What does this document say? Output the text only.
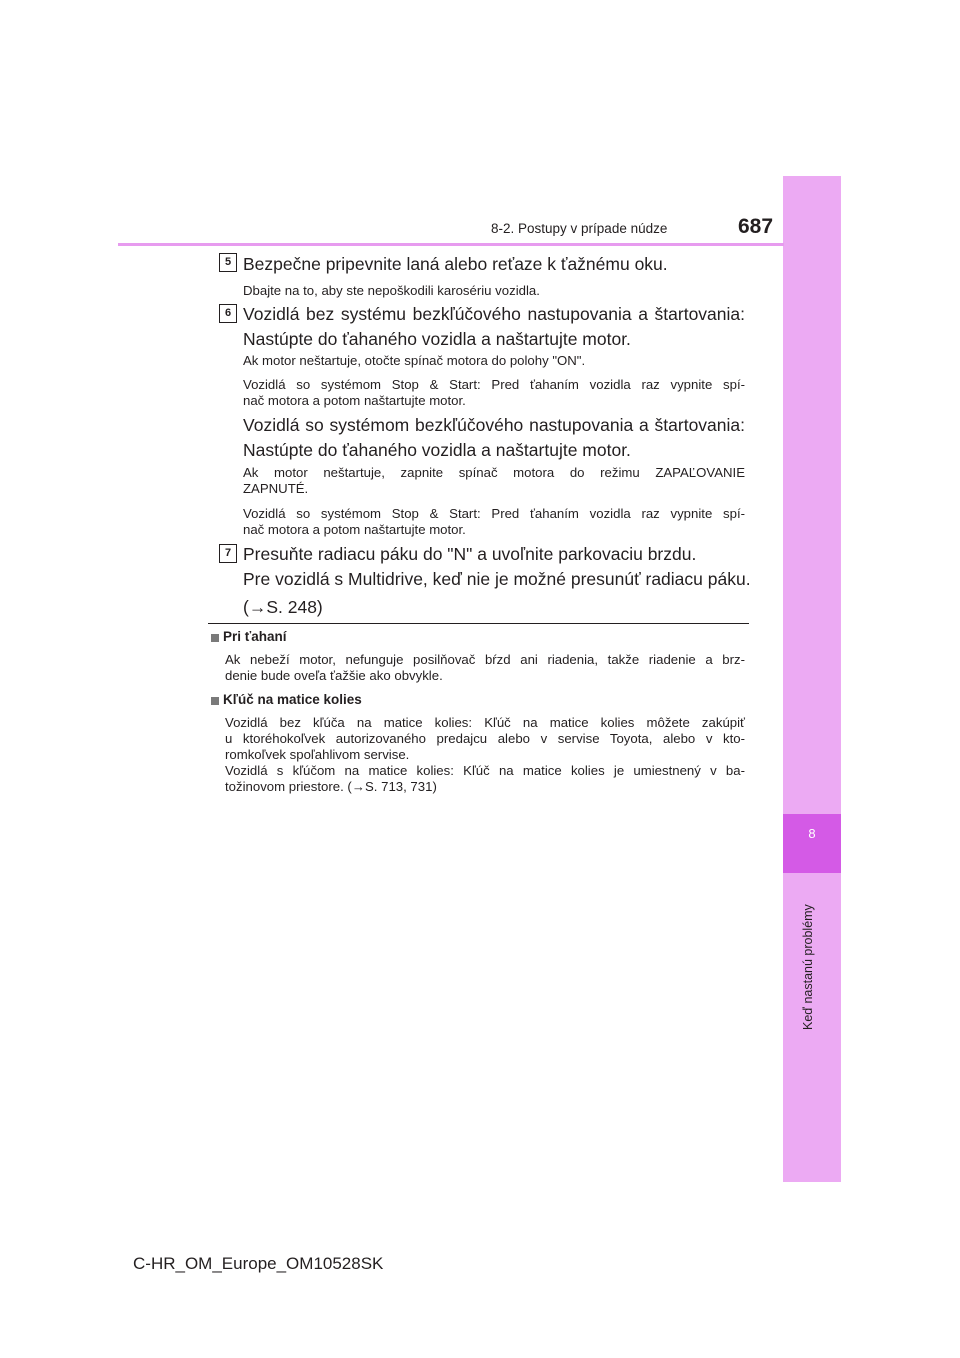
8
Keď nastanú problémy
8-2. Postupy v prípade núdze	687
5 Bezpečne pripevnite laná alebo reťaze k ťažnému oku.
Dbajte na to, aby ste nepoškodili karosériu vozidla.
6 Vozidlá bez systému bezkľúčového nastupovania a štartovania:
Nastúpte do ťahaného vozidla a naštartujte motor.
Ak motor neštartuje, otočte spínač motora do polohy "ON".
Vozidlá so systémom Stop & Start: Pred ťahaním vozidla raz vypnite spí-
nač motora a potom naštartujte motor.
Vozidlá so systémom bezkľúčového nastupovania a štartovania:
Nastúpte do ťahaného vozidla a naštartujte motor.
Ak motor neštartuje, zapnite spínač motora do režimu ZAPAĽOVANIE
ZAPNUTÉ.
Vozidlá so systémom Stop & Start: Pred ťahaním vozidla raz vypnite spí-
nač motora a potom naštartujte motor.
7 Presuňte radiacu páku do "N" a uvoľnite parkovaciu brzdu.
Pre vozidlá s Multidrive, keď nie je možné presunúť radiacu páku.
(→S. 248)
Pri ťahaní
Ak nebeží motor, nefunguje posilňovač bŕzd ani riadenia, takže riadenie a brz-
denie bude oveľa ťažšie ako obvykle.
Kľúč na matice kolies
Vozidlá bez kľúča na matice kolies: Kľúč na matice kolies môžete zakúpiť
u ktoréhokoľvek autorizovaného predajcu alebo v servise Toyota, alebo v kto-
romkoľvek spoľahlivom servise.
Vozidlá s kľúčom na matice kolies: Kľúč na matice kolies je umiestnený v ba-
tožinovom priestore. (→S. 713, 731)
C-HR_OM_Europe_OM10528SK
